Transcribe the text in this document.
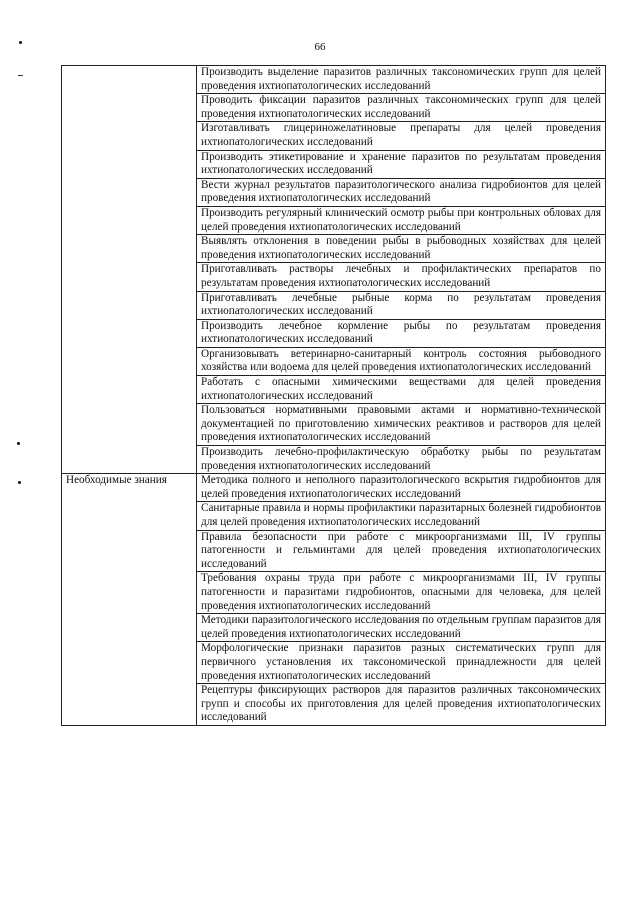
66
	Производить выделение паразитов различных таксономических групп для целей проведения ихтиопатологических исследований
	Проводить фиксации паразитов различных таксономических групп для целей проведения ихтиопатологических исследований
	Изготавливать глицериножелатиновые препараты для целей проведения ихтиопатологических исследований
	Производить этикетирование и хранение паразитов по результатам проведения ихтиопатологических исследований
	Вести журнал результатов паразитологического анализа гидробионтов для целей проведения ихтиопатологических исследований
	Производить регулярный клинический осмотр рыбы при контрольных обловах для целей проведения ихтиопатологических исследований
	Выявлять отклонения в поведении рыбы в рыбоводных хозяйствах для целей проведения ихтиопатологических исследований
	Приготавливать растворы лечебных и профилактических препаратов по результатам проведения ихтиопатологических исследований
	Приготавливать лечебные рыбные корма по результатам проведения ихтиопатологических исследований
	Производить лечебное кормление рыбы по результатам проведения ихтиопатологических исследований
	Организовывать ветеринарно-санитарный контроль состояния рыбоводного хозяйства или водоема для целей проведения ихтиопатологических исследований
	Работать с опасными химическими веществами для целей проведения ихтиопатологических исследований
	Пользоваться нормативными правовыми актами и нормативно-технической документацией по приготовлению химических реактивов и растворов для целей проведения ихтиопатологических исследований
	Производить лечебно-профилактическую обработку рыбы по результатам проведения ихтиопатологических исследований
Необходимые знания	Методика полного и неполного паразитологического вскрытия гидробионтов для целей проведения ихтиопатологических исследований
	Санитарные правила и нормы профилактики паразитарных болезней гидробионтов для целей проведения ихтиопатологических исследований
	Правила безопасности при работе с микроорганизмами III, IV группы патогенности и гельминтами для целей проведения ихтиопатологических исследований
	Требования охраны труда при работе с микроорганизмами III, IV группы патогенности и паразитами гидробионтов, опасными для человека, для целей проведения ихтиопатологических исследований
	Методики паразитологического исследования по отдельным группам паразитов для целей проведения ихтиопатологических исследований
	Морфологические признаки паразитов разных систематических групп для первичного установления их таксономической принадлежности для целей проведения ихтиопатологических исследований
	Рецептуры фиксирующих растворов для паразитов различных таксономических групп и способы их приготовления для целей проведения ихтиопатологических исследований
